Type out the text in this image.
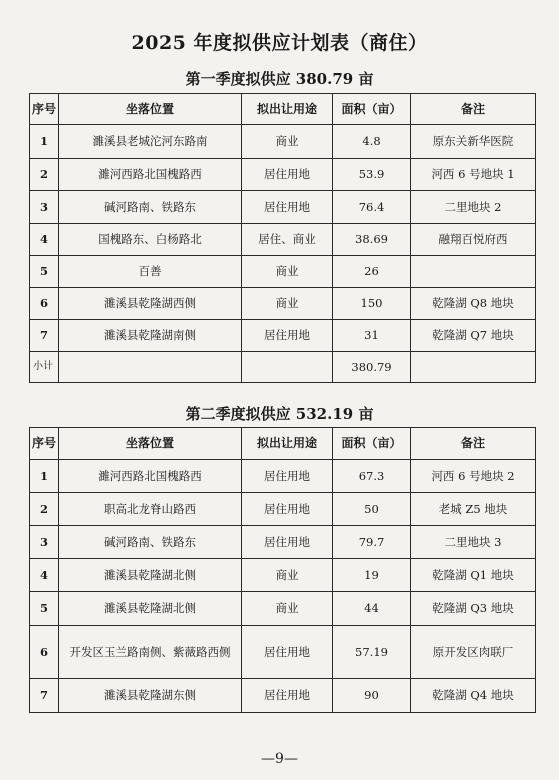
2025 年度拟供应计划表（商住）
第一季度拟供应 380.79 亩
序号	坐落位置	拟出让用途	面积（亩）	备注
1	濉溪县老城沱河东路南	商业	4.8	原东关新华医院
2	濉河西路北国槐路西	居住用地	53.9	河西 6 号地块 1
3	碱河路南、铁路东	居住用地	76.4	二里地块 2
4	国槐路东、白杨路北	居住、商业	38.69	融翔百悦府西
5	百善	商业	26	
6	濉溪县乾隆湖西侧	商业	150	乾隆湖 Q8 地块
7	濉溪县乾隆湖南侧	居住用地	31	乾隆湖 Q7 地块
小计			380.79	
第二季度拟供应 532.19 亩
序号	坐落位置	拟出让用途	面积（亩）	备注
1	濉河西路北国槐路西	居住用地	67.3	河西 6 号地块 2
2	职高北龙脊山路西	居住用地	50	老城 Z5 地块
3	碱河路南、铁路东	居住用地	79.7	二里地块 3
4	濉溪县乾隆湖北侧	商业	19	乾隆湖 Q1 地块
5	濉溪县乾隆湖北侧	商业	44	乾隆湖 Q3 地块
6	开发区玉兰路南侧、紫薇路西侧	居住用地	57.19	原开发区肉联厂
7	濉溪县乾隆湖东侧	居住用地	90	乾隆湖 Q4 地块
—9—
